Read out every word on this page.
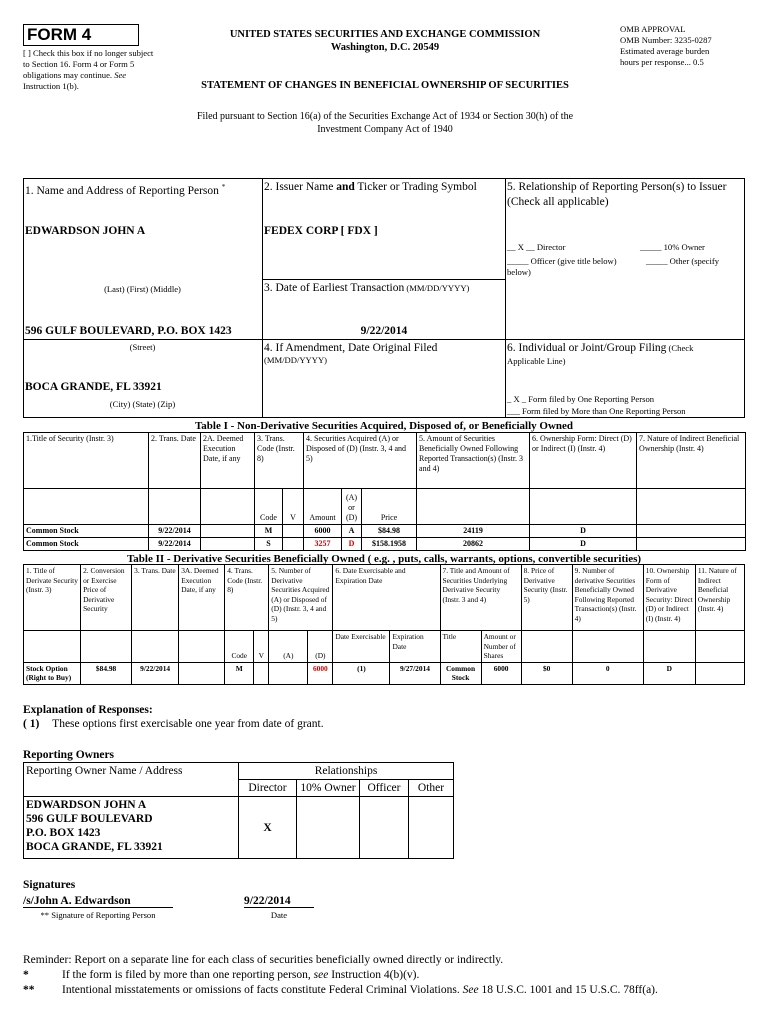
FORM 4
[ ] Check this box if no longer subject to Section 16. Form 4 or Form 5 obligations may continue. See Instruction 1(b).
UNITED STATES SECURITIES AND EXCHANGE COMMISSION
Washington, D.C. 20549
OMB APPROVAL
OMB Number: 3235-0287
Estimated average burden
hours per response... 0.5
STATEMENT OF CHANGES IN BENEFICIAL OWNERSHIP OF SECURITIES
Filed pursuant to Section 16(a) of the Securities Exchange Act of 1934 or Section 30(h) of the
Investment Company Act of 1940
1. Name and Address of Reporting Person *
EDWARDSON JOHN A
(Last) (First) (Middle)
596 GULF BOULEVARD, P.O. BOX 1423
(Street)
BOCA GRANDE, FL 33921
(City) (State) (Zip)
2. Issuer Name and Ticker or Trading Symbol
FEDEX CORP [ FDX ]
3. Date of Earliest Transaction (MM/DD/YYYY)
9/22/2014
4. If Amendment, Date Original Filed
(MM/DD/YYYY)
5. Relationship of Reporting Person(s) to Issuer
(Check all applicable)
__ X __ Director	_____ 10% Owner
_____ Officer (give title below)	_____ Other (specify
below)
6. Individual or Joint/Group Filing (Check
Applicable Line)
_ X _ Form filed by One Reporting Person
___ Form filed by More than One Reporting Person
Table I - Non-Derivative Securities Acquired, Disposed of, or Beneficially Owned
1.Title of Security (Instr. 3)	2. Trans. Date	2A. Deemed Execution Date, if any	3. Trans. Code (Instr. 8)		4. Securities Acquired (A) or Disposed of (D) (Instr. 3, 4 and 5)			5. Amount of Securities Beneficially Owned Following Reported Transaction(s) (Instr. 3 and 4)	6. Ownership Form: Direct (D) or Indirect (I) (Instr. 4)	7. Nature of Indirect Beneficial Ownership (Instr. 4)
			Code	V	Amount	(A) or (D)	Price			
Common Stock	9/22/2014		M		6000	A	$84.98	24119	D	
Common Stock	9/22/2014		S		3257	D	$158.1958	20862	D	
Table II - Derivative Securities Beneficially Owned ( e.g. , puts, calls, warrants, options, convertible securities)
1. Title of Derivate Security (Instr. 3)	2. Conversion or Exercise Price of Derivative Security	3. Trans. Date	3A. Deemed Execution Date, if any	4. Trans. Code (Instr. 8)		5. Number of Derivative Securities Acquired (A) or Disposed of (D) (Instr. 3, 4 and 5)		6. Date Exercisable and Expiration Date		7. Title and Amount of Securities Underlying Derivative Security (Instr. 3 and 4)		8. Price of Derivative Security (Instr. 5)	9. Number of derivative Securities Beneficially Owned Following Reported Transaction(s) (Instr. 4)	10. Ownership Form of Derivative Security: Direct (D) or Indirect (I) (Instr. 4)	11. Nature of Indirect Beneficial Ownership (Instr. 4)
				Code	V	(A)	(D)	Date Exercisable	Expiration Date	Title	Amount or Number of Shares				
Stock Option (Right to Buy)	$84.98	9/22/2014		M			6000	(1)	9/27/2014	Common Stock	6000	$0	0	D	
Explanation of Responses:
( 1) These options first exercisable one year from date of grant.
Reporting Owners
Reporting Owner Name / Address	Relationships			
	Director	10% Owner	Officer	Other

EDWARDSON JOHN A
596 GULF BOULEVARD
P.O. BOX 1423
BOCA GRANDE, FL 33921	X			
Signatures
/s/John A. Edwardson
** Signature of Reporting Person
9/22/2014
Date
Reminder: Report on a separate line for each class of securities beneficially owned directly or indirectly.
*	If the form is filed by more than one reporting person, see Instruction 4(b)(v).
** Intentional misstatements or omissions of facts constitute Federal Criminal Violations. See 18 U.S.C. 1001 and 15 U.S.C. 78ff(a).
